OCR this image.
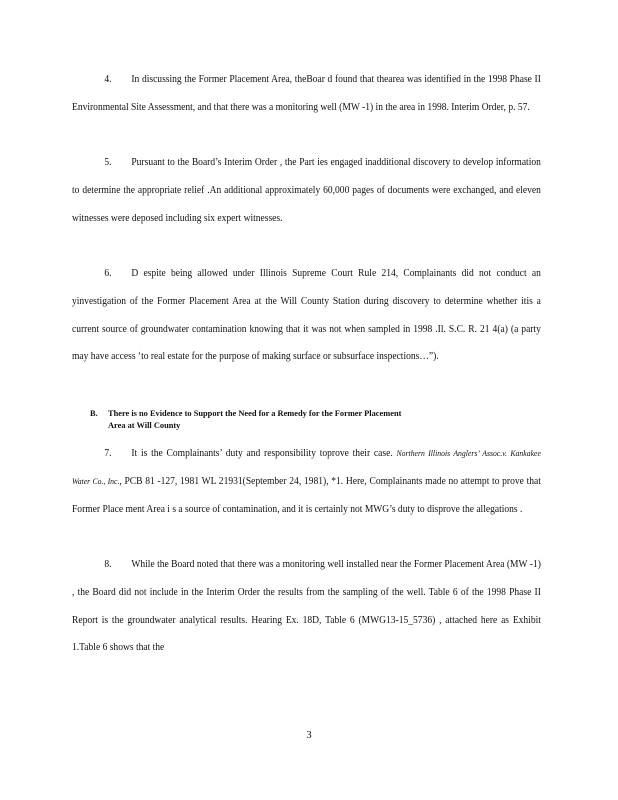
4. In discussing the Former Placement Area, theBoar d found that thearea was identified in the 1998 Phase II Environmental Site Assessment, and that there was a monitoring well (MW -1) in the area in 1998. Interim Order, p. 57.

5. Pursuant to the Board’s Interim Order , the Part ies engaged inadditional discovery to develop information to determine the appropriate relief .An additional approximately 60,000 pages of documents were exchanged, and eleven witnesses were deposed including six expert witnesses.

6. D espite being allowed under Illinois Supreme Court Rule 214, Complainants did not conduct an yinvestigation of the Former Placement Area at the Will County Station during discovery to determine whether itis a current source of groundwater contamination knowing that it was not when sampled in 1998 .Il. S.C. R. 21 4(a) (a party may have access ‘to real estate for the purpose of making surface or subsurface inspections…”).

B. There is no Evidence to Support the Need for a Remedy for the Former Placement
Area at Will County

7. It is the Complainants’ duty and responsibility toprove their case. Northern Illinois Anglers’ Assoc.v. Kankakee Water Co., Inc., PCB 81 -127, 1981 WL 21931(September 24, 1981), *1. Here, Complainants made no attempt to prove that Former Place ment Area i s a source of contamination, and it is certainly not MWG’s duty to disprove the allegations .

8. While the Board noted that there was a monitoring well installed near the Former Placement Area (MW -1) , the Board did not include in the Interim Order the results from the sampling of the well. Table 6 of the 1998 Phase II Report is the groundwater analytical results. Hearing Ex. 18D, Table 6 (MWG13-15_5736) , attached here as Exhibit 1.Table 6 shows that the

3
